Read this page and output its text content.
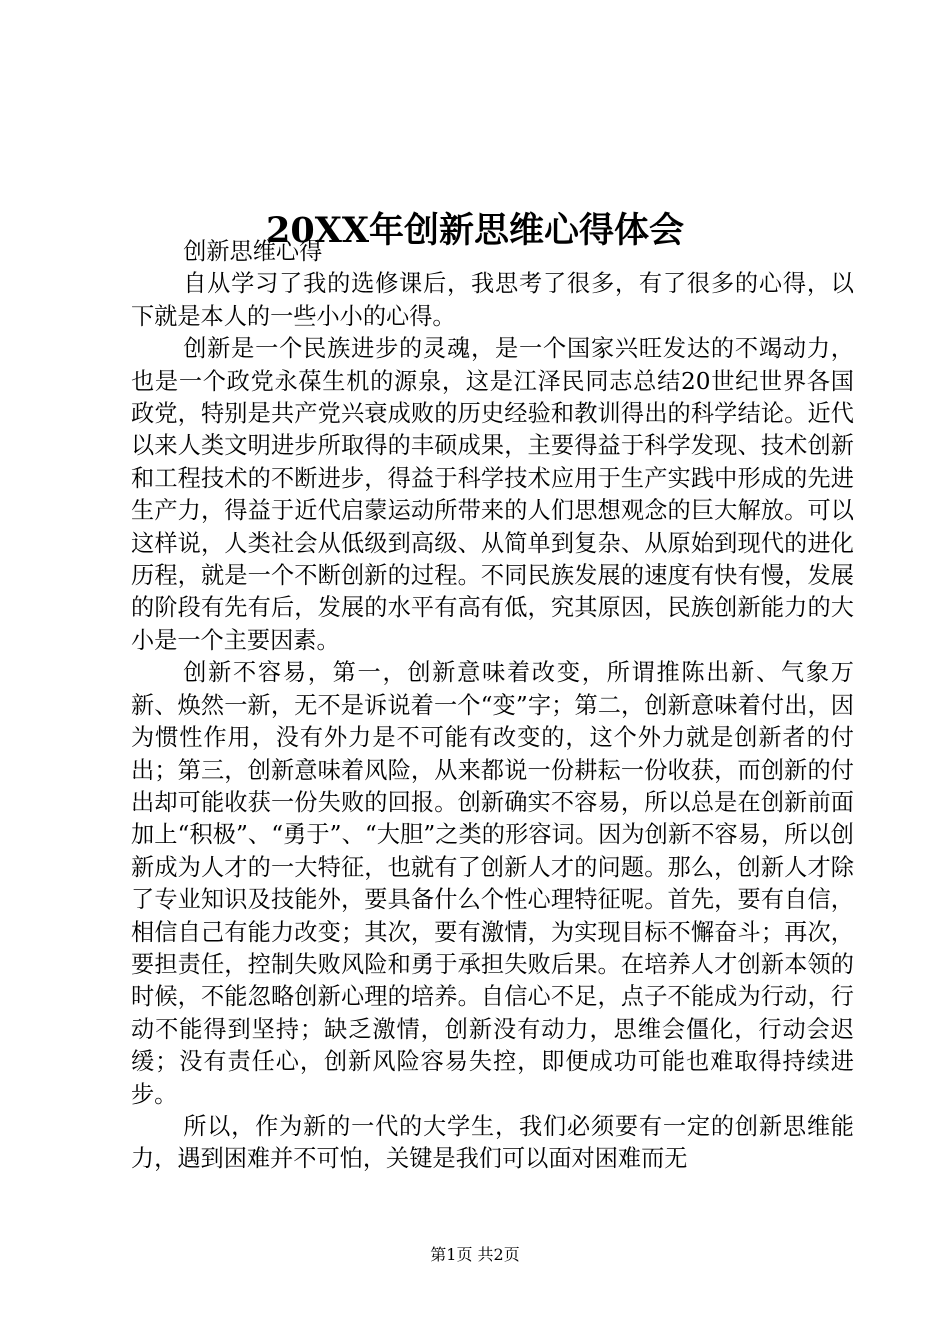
20XX年创新思维心得体会

创新思维心得

自从学习了我的选修课后，我思考了很多，有了很多的心得，以下就是本人的一些小小的心得。

创新是一个民族进步的灵魂，是一个国家兴旺发达的不竭动力，也是一个政党永葆生机的源泉，这是江泽民同志总结20世纪世界各国政党，特别是共产党兴衰成败的历史经验和教训得出的科学结论。近代以来人类文明进步所取得的丰硕成果，主要得益于科学发现、技术创新和工程技术的不断进步，得益于科学技术应用于生产实践中形成的先进生产力，得益于近代启蒙运动所带来的人们思想观念的巨大解放。可以这样说，人类社会从低级到高级、从简单到复杂、从原始到现代的进化历程，就是一个不断创新的过程。不同民族发展的速度有快有慢，发展的阶段有先有后，发展的水平有高有低，究其原因，民族创新能力的大小是一个主要因素。

创新不容易，第一，创新意味着改变，所谓推陈出新、气象万新、焕然一新，无不是诉说着一个“变”字；第二，创新意味着付出，因为惯性作用，没有外力是不可能有改变的，这个外力就是创新者的付出；第三，创新意味着风险，从来都说一份耕耘一份收获，而创新的付出却可能收获一份失败的回报。创新确实不容易，所以总是在创新前面加上“积极”、“勇于”、“大胆”之类的形容词。因为创新不容易，所以创新成为人才的一大特征，也就有了创新人才的问题。那么，创新人才除了专业知识及技能外，要具备什么个性心理特征呢。首先，要有自信，相信自己有能力改变；其次，要有激情，为实现目标不懈奋斗；再次，要担责任，控制失败风险和勇于承担失败后果。在培养人才创新本领的时候，不能忽略创新心理的培养。自信心不足，点子不能成为行动，行动不能得到坚持；缺乏激情，创新没有动力，思维会僵化，行动会迟缓；没有责任心，创新风险容易失控，即便成功可能也难取得持续进步。

所以，作为新的一代的大学生，我们必须要有一定的创新思维能力，遇到困难并不可怕，关键是我们可以面对困难而无

第1页 共2页
